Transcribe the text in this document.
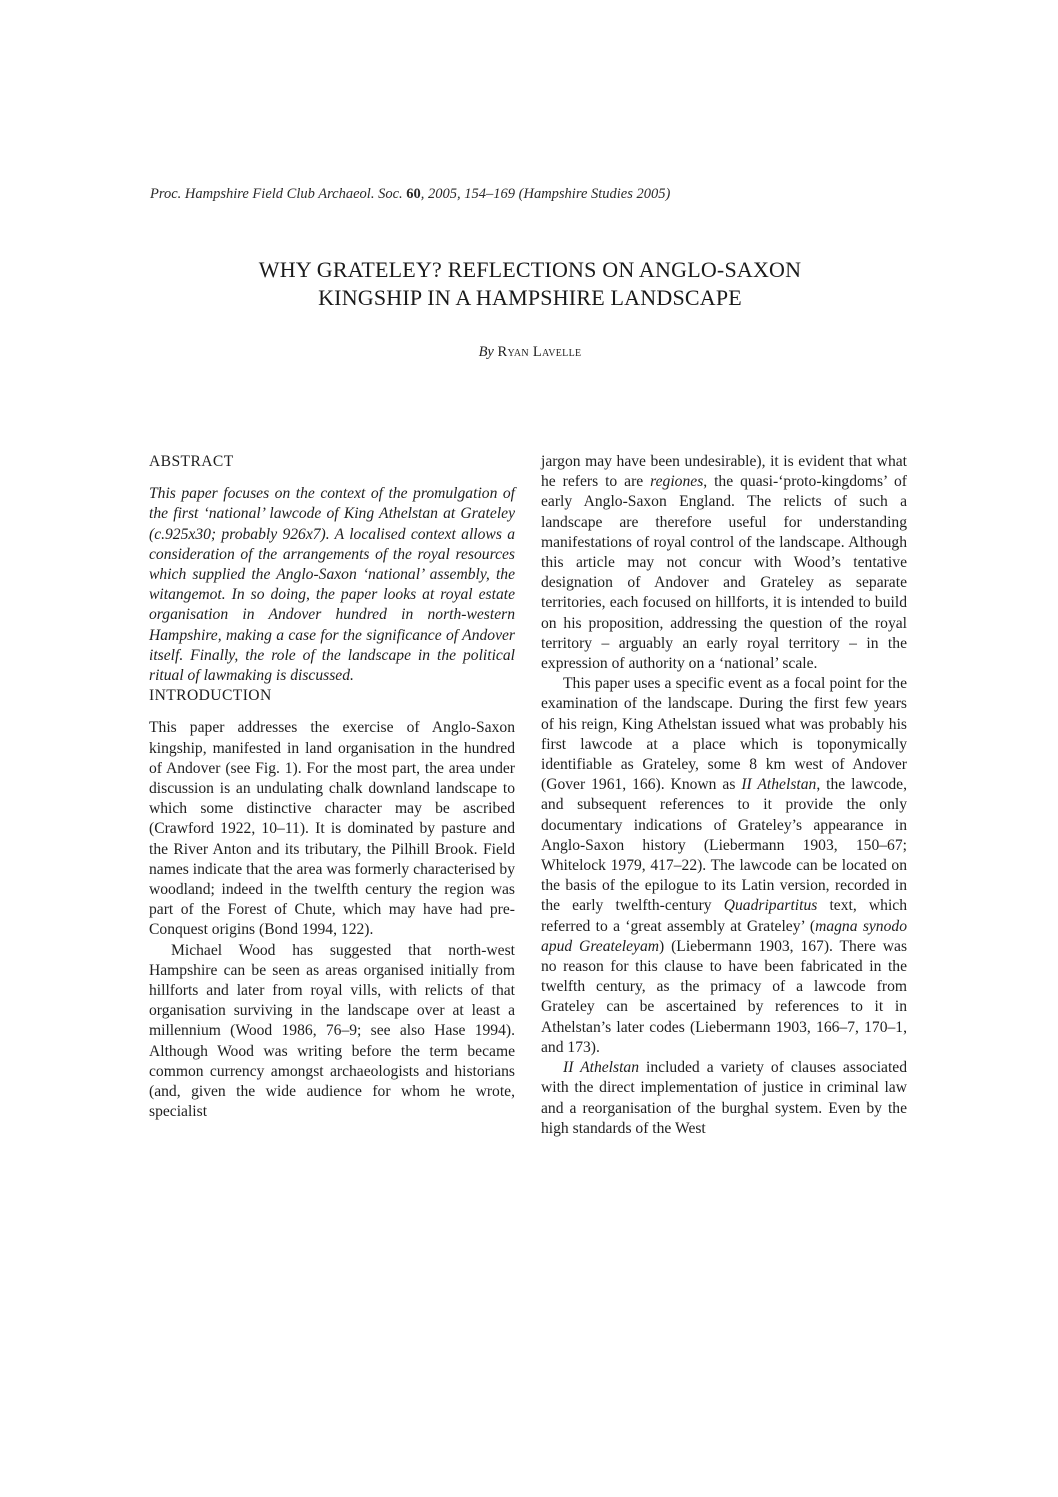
Proc. Hampshire Field Club Archaeol. Soc. 60, 2005, 154–169 (Hampshire Studies 2005)
WHY GRATELEY? REFLECTIONS ON ANGLO-SAXON
KINGSHIP IN A HAMPSHIRE LANDSCAPE
By Ryan Lavelle
ABSTRACT

This paper focuses on the context of the promulgation of the first ‘national’ lawcode of King Athelstan at Grateley (c.925x30; probably 926x7). A localised context allows a consideration of the arrangements of the royal resources which supplied the Anglo-Saxon ‘national’ assembly, the witangemot. In so doing, the paper looks at royal estate organisation in Andover hundred in north-western Hampshire, making a case for the significance of Andover itself. Finally, the role of the landscape in the political ritual of lawmaking is discussed.

INTRODUCTION

This paper addresses the exercise of Anglo-Saxon kingship, manifested in land organisation in the hundred of Andover (see Fig. 1). For the most part, the area under discussion is an undulating chalk downland landscape to which some distinctive character may be ascribed (Crawford 1922, 10–11). It is dominated by pasture and the River Anton and its tributary, the Pilhill Brook. Field names indicate that the area was formerly characterised by woodland; indeed in the twelfth century the region was part of the Forest of Chute, which may have had pre-Conquest origins (Bond 1994, 122).

Michael Wood has suggested that north-west Hampshire can be seen as areas organised initially from hillforts and later from royal vills, with relicts of that organisation surviving in the landscape over at least a millennium (Wood 1986, 76–9; see also Hase 1994). Although Wood was writing before the term became common currency amongst archaeologists and historians (and, given the wide audience for whom he wrote, specialist

jargon may have been undesirable), it is evident that what he refers to are regiones, the quasi-‘proto-kingdoms’ of early Anglo-Saxon England. The relicts of such a landscape are therefore useful for understanding manifestations of royal control of the landscape. Although this article may not concur with Wood’s tentative designation of Andover and Grateley as separate territories, each focused on hillforts, it is intended to build on his proposition, addressing the question of the royal territory – arguably an early royal territory – in the expression of authority on a ‘national’ scale.

This paper uses a specific event as a focal point for the examination of the landscape. During the first few years of his reign, King Athelstan issued what was probably his first lawcode at a place which is toponymically identifiable as Grateley, some 8 km west of Andover (Gover 1961, 166). Known as II Athelstan, the lawcode, and subsequent references to it provide the only documentary indications of Grateley’s appearance in Anglo-Saxon history (Liebermann 1903, 150–67; Whitelock 1979, 417–22). The lawcode can be located on the basis of the epilogue to its Latin version, recorded in the early twelfth-century Quadripartitus text, which referred to a ‘great assembly at Grateley’ (magna synodo apud Greateleyam) (Liebermann 1903, 167). There was no reason for this clause to have been fabricated in the twelfth century, as the primacy of a lawcode from Grateley can be ascertained by references to it in Athelstan’s later codes (Liebermann 1903, 166–7, 170–1, and 173).

II Athelstan included a variety of clauses associated with the direct implementation of justice in criminal law and a reorganisation of the burghal system. Even by the high standards of the West
